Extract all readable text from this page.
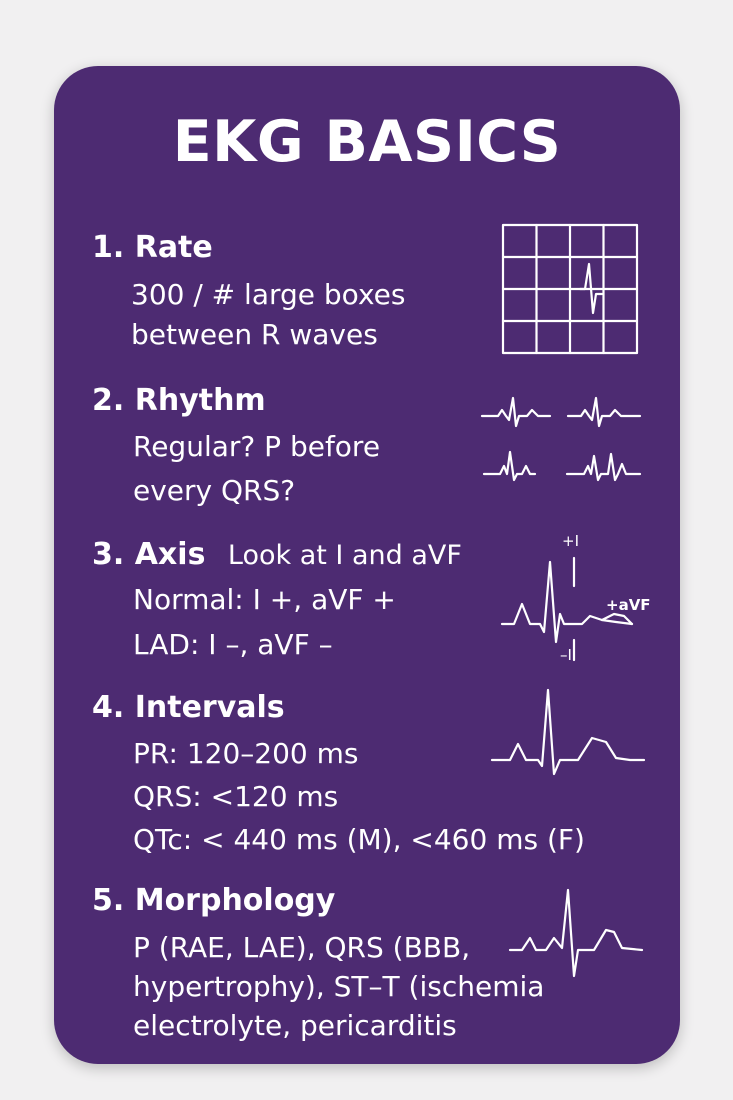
EKG BASICS
1. Rate
300 / # large boxes
between R waves
2. Rhythm
Regular? P before
every QRS?
3. Axis Look at I and aVF
Normal: I +, aVF +
LAD: I –, aVF –
4. Intervals
PR: 120–200 ms
QRS: <120 ms
QTc: < 440 ms (M), <460 ms (F)
5. Morphology
P (RAE, LAE), QRS (BBB,
hypertrophy), ST–T (ischemia
electrolyte, pericarditis
+I
–I
+aVF
